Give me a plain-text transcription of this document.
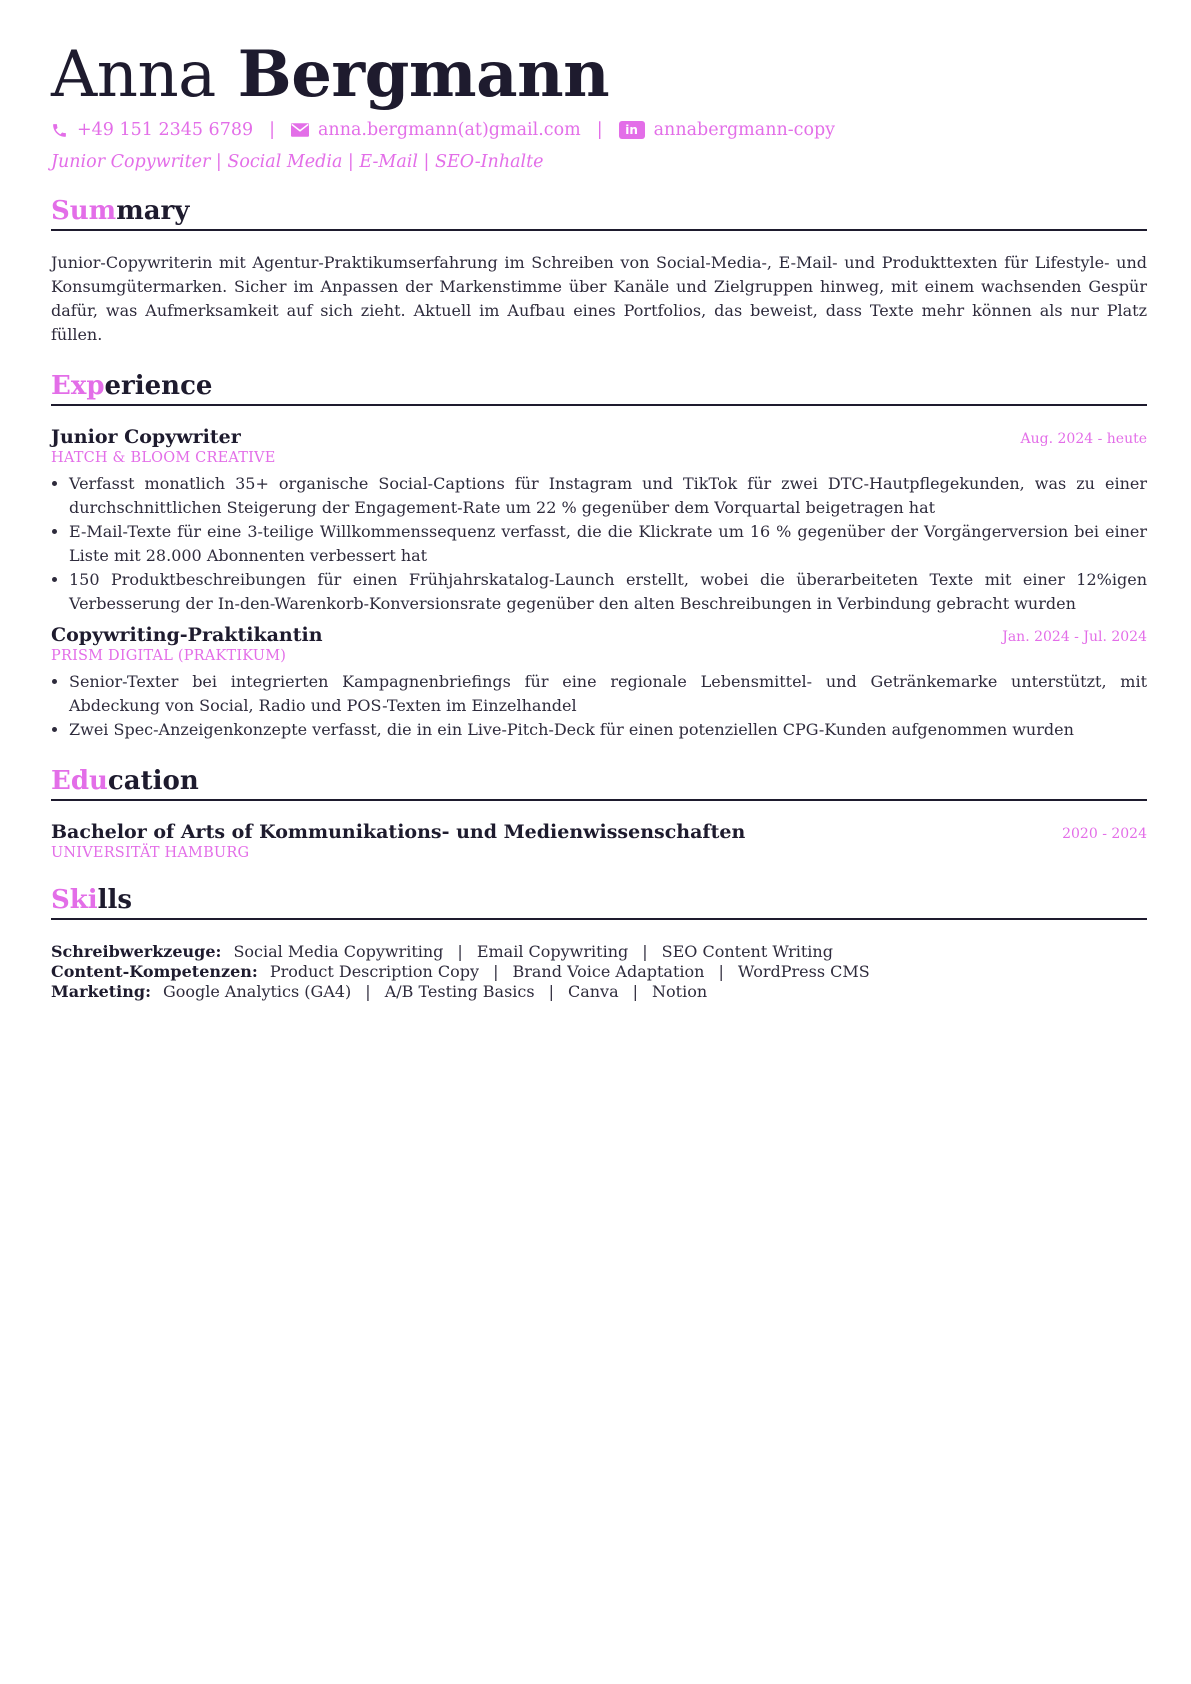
Anna Bergmann
+49 151 2345 6789 | anna.bergmann(at)gmail.com |	in annabergmann-copy
Junior Copywriter | Social Media | E-Mail | SEO-Inhalte
Summary
Junior-Copywriterin mit Agentur-Praktikumserfahrung im Schreiben von Social-Media-, E-Mail- und Produkttexten für Lifestyle- und Konsumgütermarken. Sicher im Anpassen der Markenstimme über Kanäle und Zielgruppen hinweg, mit einem wachsenden Gespür dafür, was Aufmerksamkeit auf sich zieht. Aktuell im Aufbau eines Portfolios, das beweist, dass Texte mehr können als nur Platz füllen.
Experience
Junior Copywriter	Aug. 2024 - heute
HATCH & BLOOM CREATIVE
• Verfasst monatlich 35+ organische Social-Captions für Instagram und TikTok für zwei DTC-Hautpflegekunden, was zu einer durchschnittlichen Steigerung der Engagement-Rate um 22 % gegenüber dem Vorquartal beigetragen hat
• E-Mail-Texte für eine 3-teilige Willkommenssequenz verfasst, die die Klickrate um 16 % gegenüber der Vorgängerversion bei einer Liste mit 28.000 Abonnenten verbessert hat
• 150 Produktbeschreibungen für einen Frühjahrskatalog-Launch erstellt, wobei die überarbeiteten Texte mit einer 12%igen Verbesserung der In-den-Warenkorb-Konversionsrate gegenüber den alten Beschreibungen in Verbindung gebracht wurden
Copywriting-Praktikantin	Jan. 2024 - Jul. 2024
PRISM DIGITAL (PRAKTIKUM)
• Senior-Texter bei integrierten Kampagnenbriefings für eine regionale Lebensmittel- und Getränkemarke unterstützt, mit Abdeckung von Social, Radio und POS-Texten im Einzelhandel
• Zwei Spec-Anzeigenkonzepte verfasst, die in ein Live-Pitch-Deck für einen potenziellen CPG-Kunden aufgenommen wurden
Education
Bachelor of Arts of Kommunikations- und Medienwissenschaften	2020 - 2024
UNIVERSITÄT HAMBURG
Skills
Schreibwerkzeuge: Social Media Copywriting | Email Copywriting | SEO Content Writing
Content-Kompetenzen: Product Description Copy | Brand Voice Adaptation | WordPress CMS
Marketing: Google Analytics (GA4) | A/B Testing Basics | Canva | Notion
